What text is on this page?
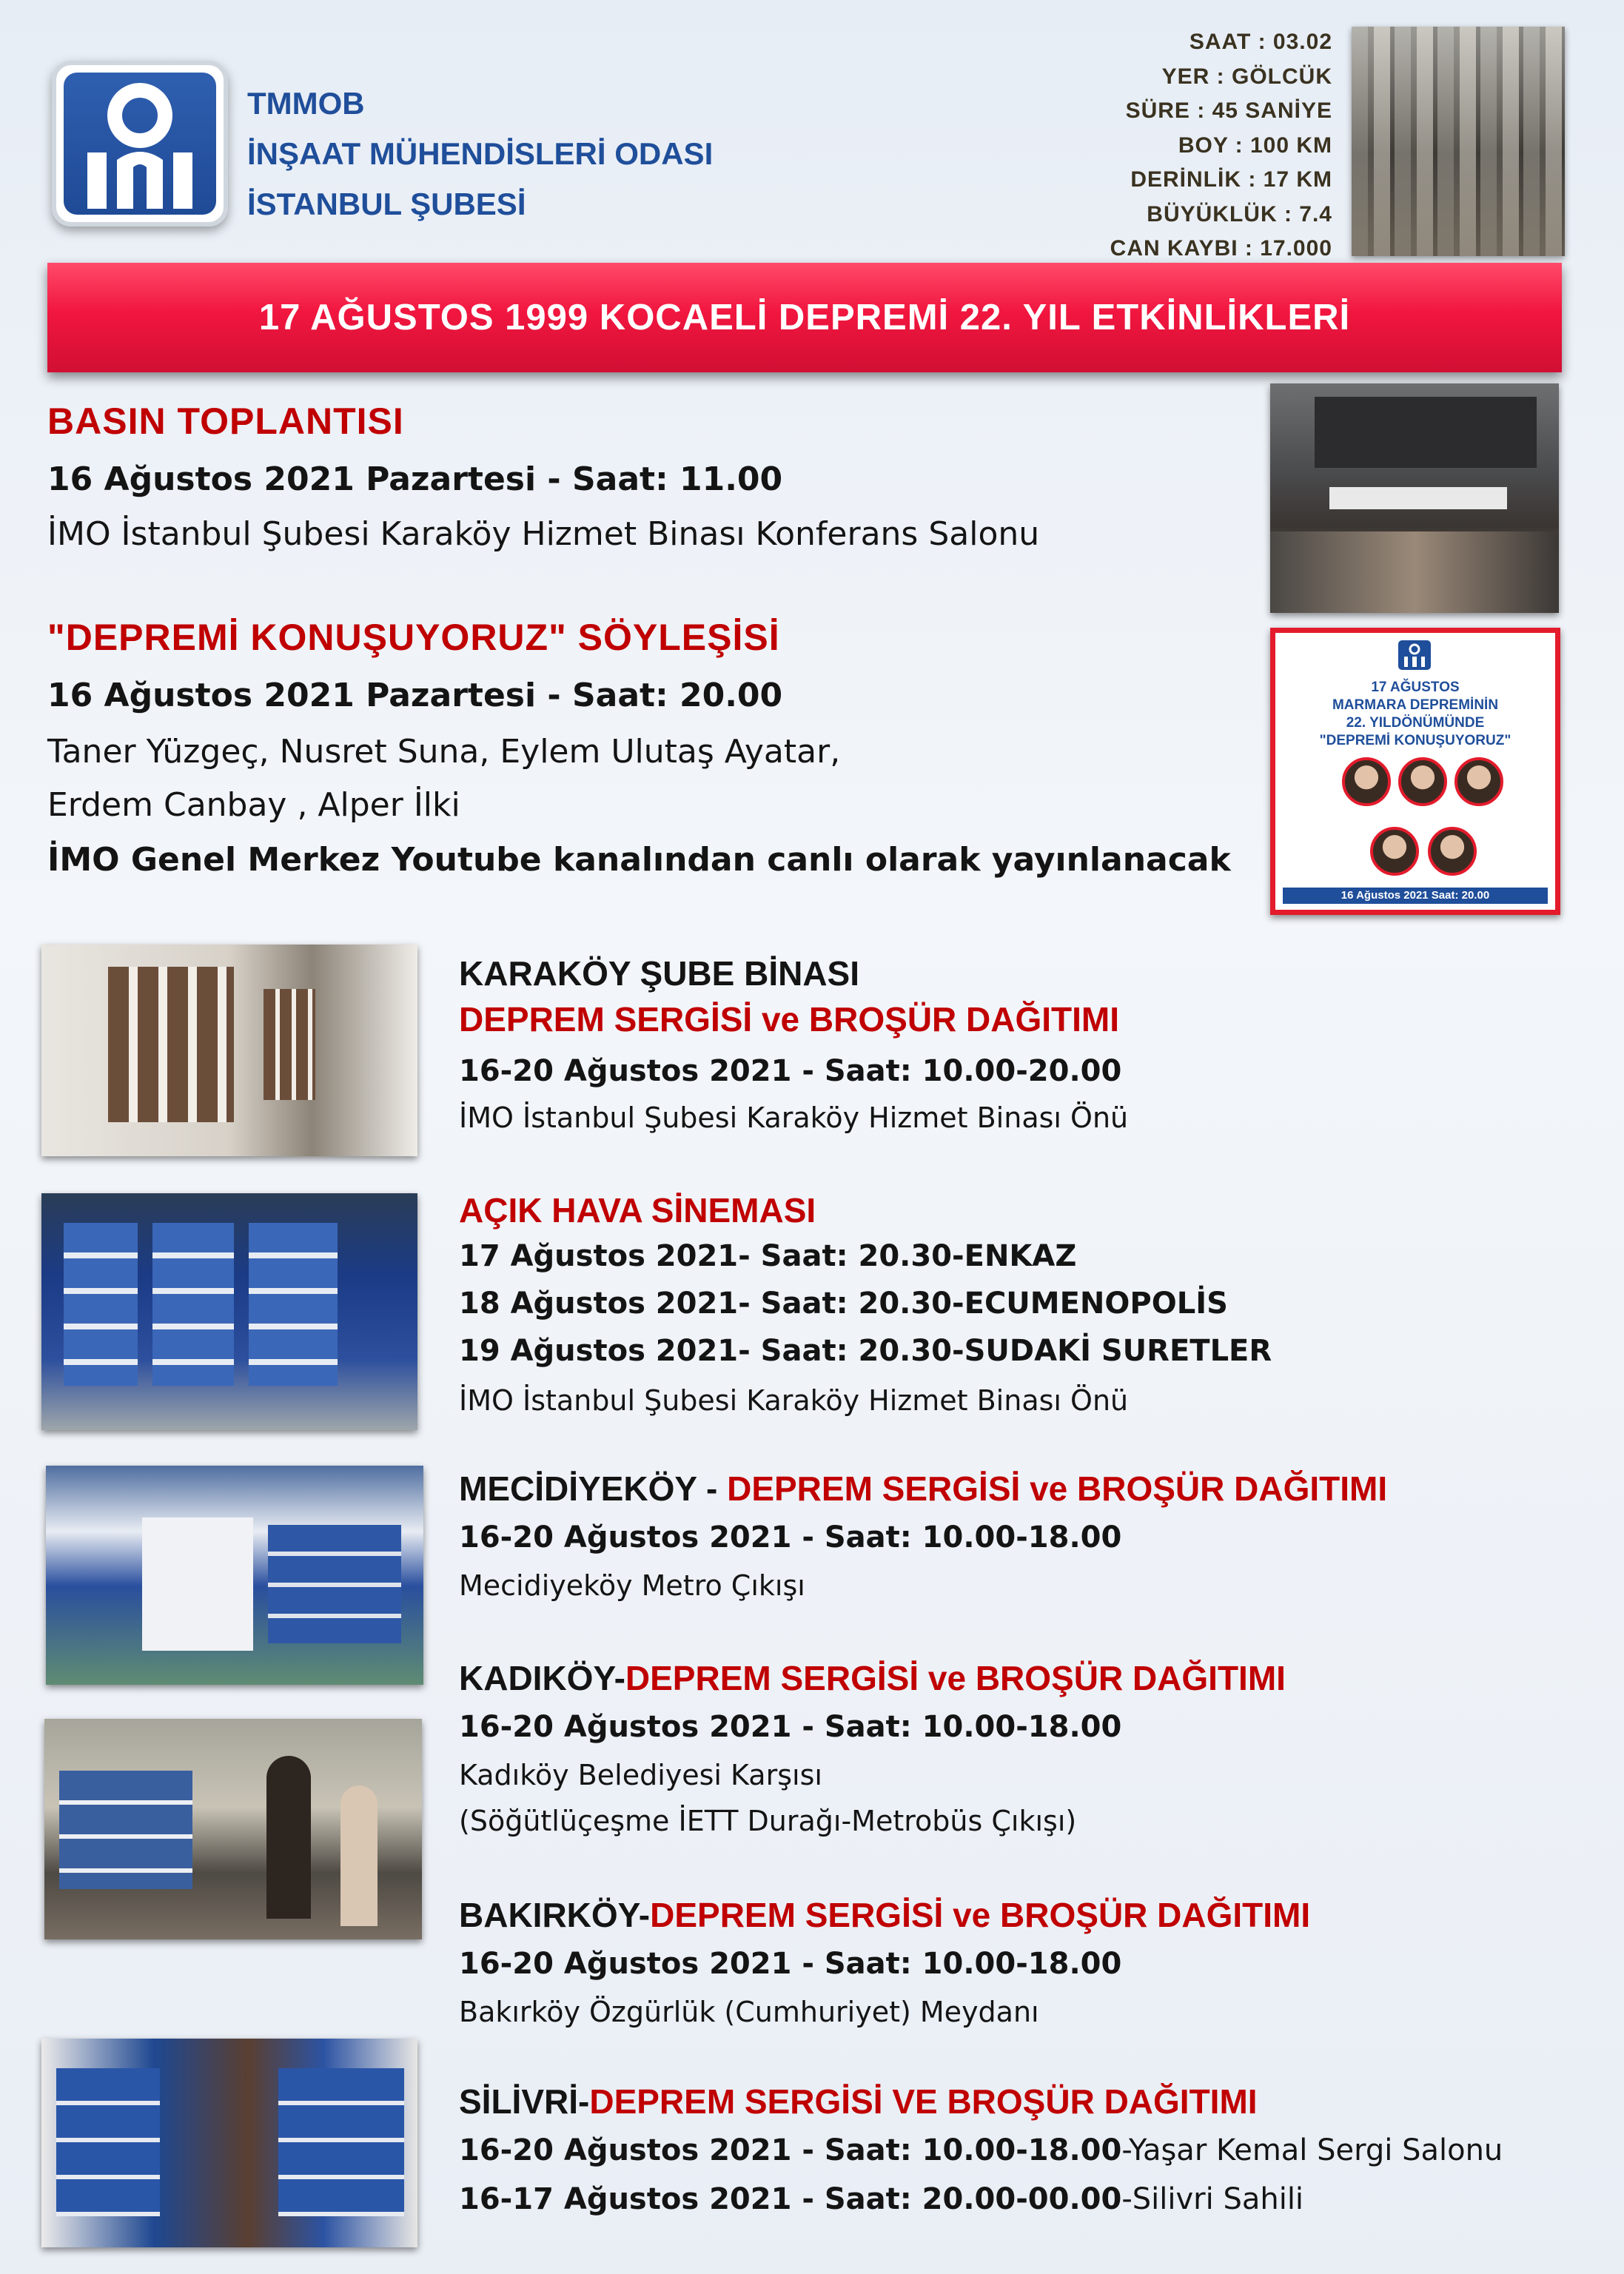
TMMOB
İNŞAAT MÜHENDİSLERİ ODASI
İSTANBUL ŞUBESİ
SAAT : 03.02
YER : GÖLCÜK
SÜRE : 45 SANİYE
BOY : 100 KM
DERİNLİK : 17 KM
BÜYÜKLÜK : 7.4
CAN KAYBI : 17.000
17 AĞUSTOS 1999 KOCAELİ DEPREMİ 22. YIL ETKİNLİKLERİ
BASIN TOPLANTISI
16 Ağustos 2021 Pazartesi - Saat: 11.00
İMO İstanbul Şubesi Karaköy Hizmet Binası Konferans Salonu
"DEPREMİ KONUŞUYORUZ" SÖYLEŞİSİ
16 Ağustos 2021 Pazartesi - Saat: 20.00
Taner Yüzgeç, Nusret Suna, Eylem Ulutaş Ayatar,
Erdem Canbay , Alper İlki
İMO Genel Merkez Youtube kanalından canlı olarak yayınlanacak
17 AĞUSTOS
MARMARA DEPREMİNİN
22. YILDÖNÜMÜNDE
"DEPREMİ KONUŞUYORUZ"
16 Ağustos 2021 Saat: 20.00
KARAKÖY ŞUBE BİNASI
DEPREM SERGİSİ ve BROŞÜR DAĞITIMI
16-20 Ağustos 2021 - Saat: 10.00-20.00
İMO İstanbul Şubesi Karaköy Hizmet Binası Önü
AÇIK HAVA SİNEMASI
17 Ağustos 2021- Saat: 20.30-ENKAZ
18 Ağustos 2021- Saat: 20.30-ECUMENOPOLİS
19 Ağustos 2021- Saat: 20.30-SUDAKİ SURETLER
İMO İstanbul Şubesi Karaköy Hizmet Binası Önü
MECİDİYEKÖY - DEPREM SERGİSİ ve BROŞÜR DAĞITIMI
16-20 Ağustos 2021 - Saat: 10.00-18.00
Mecidiyeköy Metro Çıkışı
KADIKÖY-DEPREM SERGİSİ ve BROŞÜR DAĞITIMI
16-20 Ağustos 2021 - Saat: 10.00-18.00
Kadıköy Belediyesi Karşısı
(Söğütlüçeşme İETT Durağı-Metrobüs Çıkışı)
BAKIRKÖY-DEPREM SERGİSİ ve BROŞÜR DAĞITIMI
16-20 Ağustos 2021 - Saat: 10.00-18.00
Bakırköy Özgürlük (Cumhuriyet) Meydanı
SİLİVRİ-DEPREM SERGİSİ VE BROŞÜR DAĞITIMI
16-20 Ağustos 2021 - Saat: 10.00-18.00-Yaşar Kemal Sergi Salonu
16-17 Ağustos 2021 - Saat: 20.00-00.00-Silivri Sahili
